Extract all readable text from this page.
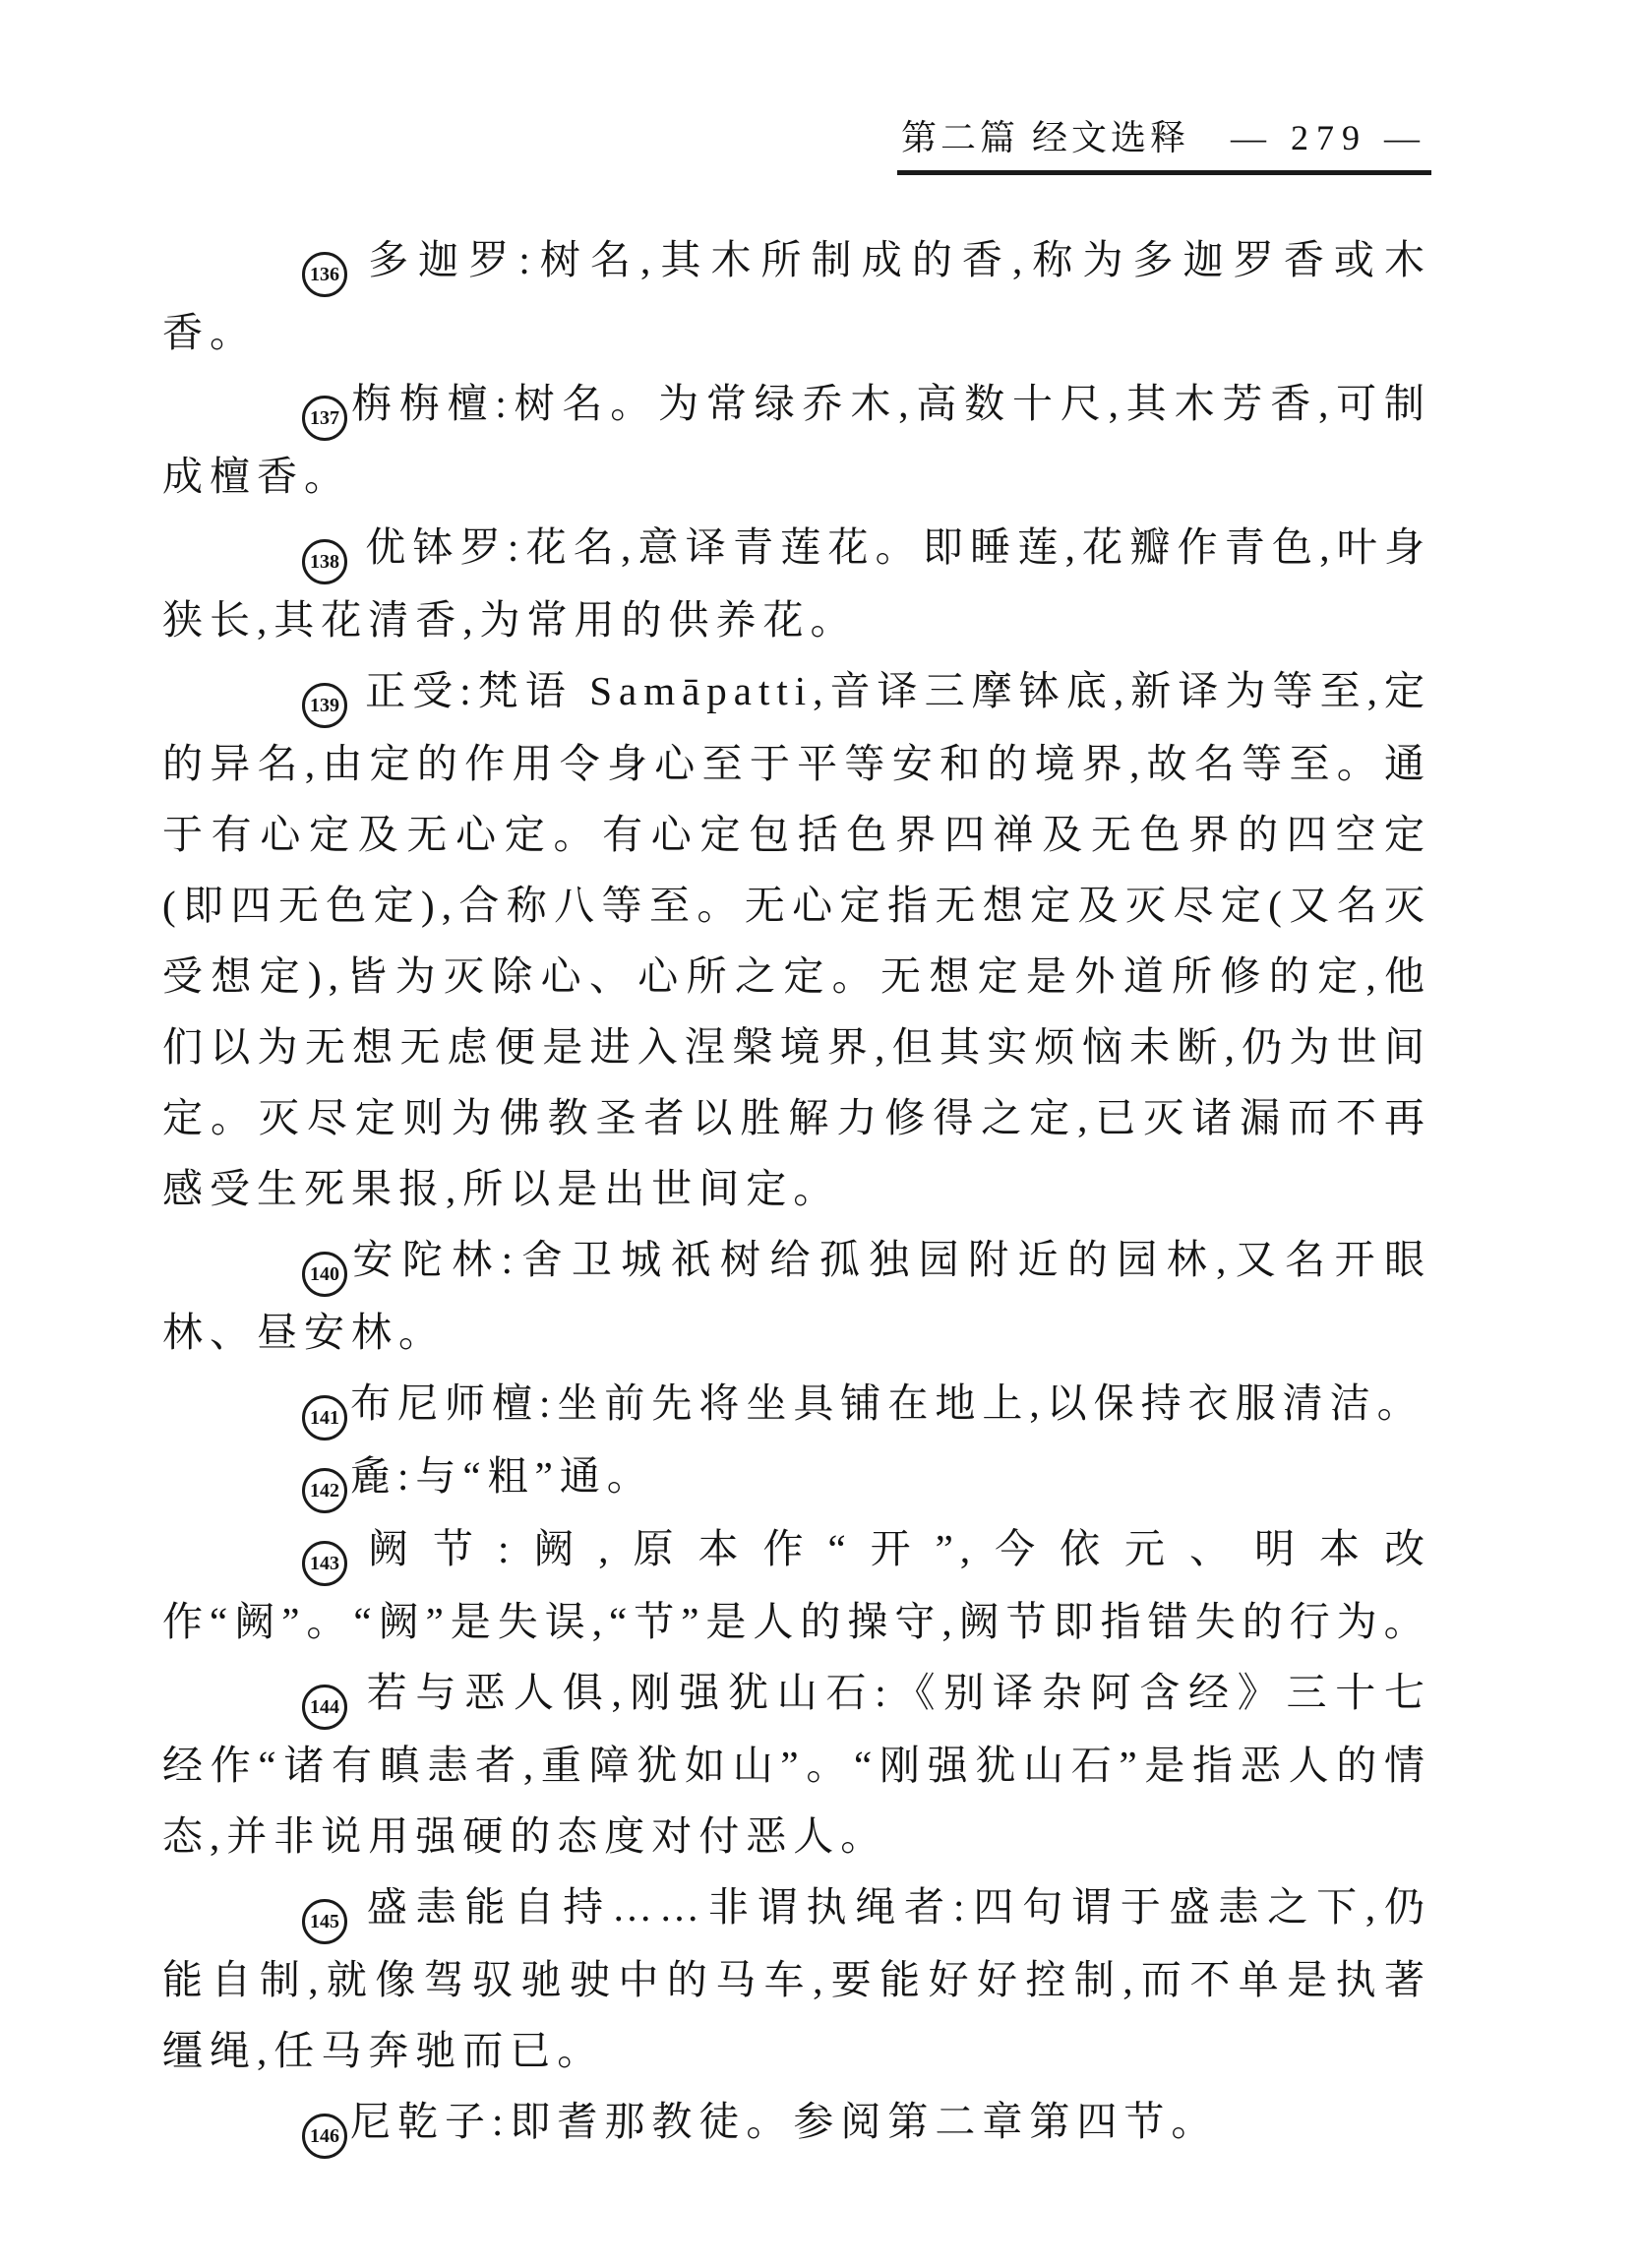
第二篇 经文选释 — 279 —

136 多迦罗:树名,其木所制成的香,称为多迦罗香或木香。

137 栴栴檀:树名。为常绿乔木,高数十尺,其木芳香,可制成檀香。

138 优钵罗:花名,意译青莲花。即睡莲,花瓣作青色,叶身狭长,其花清香,为常用的供养花。

139 正受:梵语 Samāpatti,音译三摩钵底,新译为等至,定的异名,由定的作用令身心至于平等安和的境界,故名等至。通于有心定及无心定。有心定包括色界四禅及无色界的四空定(即四无色定),合称八等至。无心定指无想定及灭尽定(又名灭受想定),皆为灭除心、心所之定。无想定是外道所修的定,他们以为无想无虑便是进入涅槃境界,但其实烦恼未断,仍为世间定。灭尽定则为佛教圣者以胜解力修得之定,已灭诸漏而不再感受生死果报,所以是出世间定。

140 安陀林:舍卫城祇树给孤独园附近的园林,又名开眼林、昼安林。

141 布尼师檀:坐前先将坐具铺在地上,以保持衣服清洁。

142 麁:与“粗”通。

143 阙节:阙,原本作“开”,今依元、明本改作“阙”。“阙”是失误,“节”是人的操守,阙节即指错失的行为。

144 若与恶人俱,刚强犹山石:《别译杂阿含经》三十七经作“诸有瞋恚者,重障犹如山”。“刚强犹山石”是指恶人的情态,并非说用强硬的态度对付恶人。

145 盛恚能自持……非谓执绳者:四句谓于盛恚之下,仍能自制,就像驾驭驰驶中的马车,要能好好控制,而不单是执著缰绳,任马奔驰而已。

146 尼乾子:即耆那教徒。参阅第二章第四节。
